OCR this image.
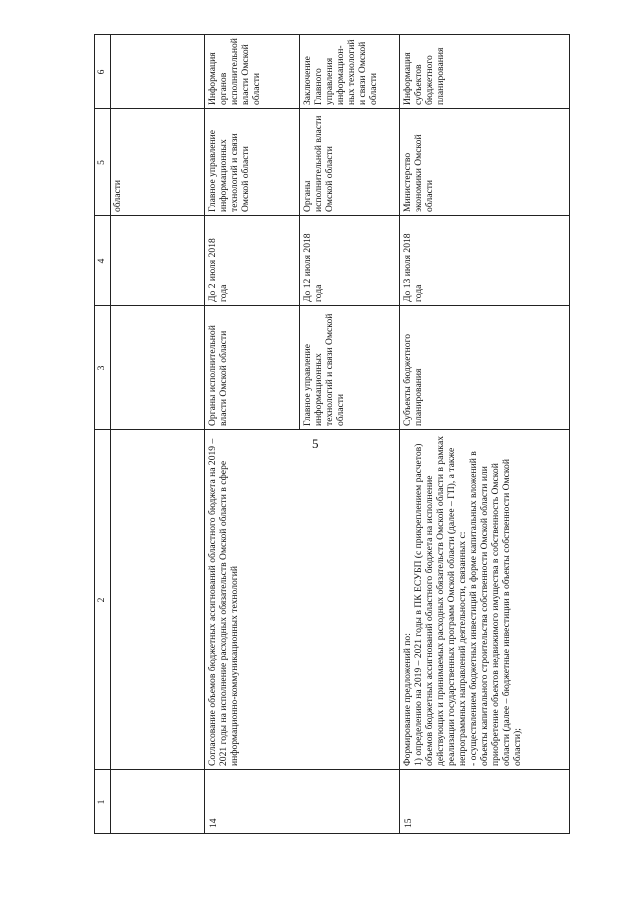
5
1
2
3
4
5
6
области
14
Согласование объемов бюджетных ассигнований областного бюджета на 2019 – 2021 годы на исполнение расходных обязательств Омской области в сфере информационно-коммуникационных технологий
Органы исполнительной власти Омской области
До 2 июля 2018 года
Главное управление информационных технологий и связи Омской области
Информация органов исполнительной власти Омской области
Главное управление информационных технологий и связи Омской области
До 12 июля 2018 года
Органы исполнительной власти Омской области
Заключение Главного управления информацион-ных технологий и связи Омской области
15
Формирование предложений по:
1) определению на 2019 – 2021 годы в ПК ЕСУБП (с прикреплением расчетов) объемов бюджетных ассигнований областного бюджета на исполнение действующих и принимаемых расходных обязательств Омской области в рамках реализации государственных программ Омской области (далее – ГП), а также непрограммных направлений деятельности, связанных с:
- осуществлением бюджетных инвестиций в форме капитальных вложений в объекты капитального строительства собственности Омской области или приобретение объектов недвижимого имущества в собственность Омской области (далее – бюджетные инвестиции в объекты собственности Омской области);
Субъекты бюджетного планирования
До 13 июля 2018 года
Министерство экономики Омской области
Информация субъектов бюджетного планирования
